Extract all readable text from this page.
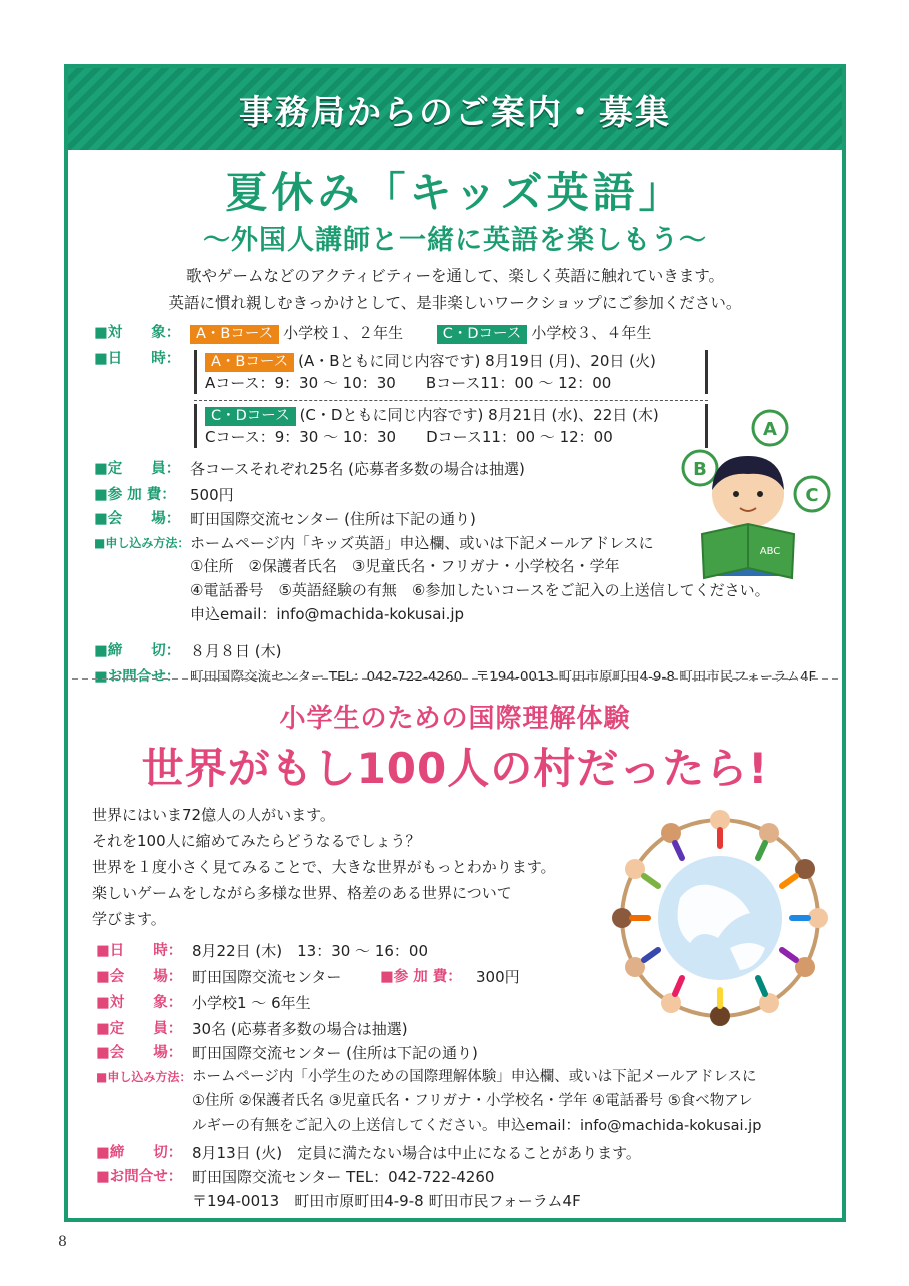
事務局からのご案内・募集
夏休み「キッズ英語」
～外国人講師と一緒に英語を楽しもう～
歌やゲームなどのアクティビティーを通して、楽しく英語に触れていきます。
英語に慣れ親しむきっかけとして、是非楽しいワークショップにご参加ください。
■対　　象：	A・Bコース 小学校１、２年生	C・Dコース 小学校３、４年生
■日　　時：	A・Bコース (A・Bともに同じ内容です) 8月19日 (月)、20日 (火)
Aコース：9：30 ～ 10：30　　Bコース11：00 ～ 12：00
C・Dコース (C・Dともに同じ内容です) 8月21日 (水)、22日 (木)
Cコース：9：30 ～ 10：30　　Dコース11：00 ～ 12：00
■定　　員： 各コースそれぞれ25名 (応募者多数の場合は抽選)
■参 加 費： 500円
■会　　場： 町田国際交流センター (住所は下記の通り)
■申し込み方法： ホームページ内「キッズ英語」申込欄、或いは下記メールアドレスに
①住所　②保護者氏名　③児童氏名・フリガナ・小学校名・学年
④電話番号　⑤英語経験の有無　⑥参加したいコースをご記入の上送信してください。
申込email：info@machida-kokusai.jp
■締　　切： ８月８日 (木)
■お問合せ： 町田国際交流センター TEL：042-722-4260　〒194-0013 町田市原町田4-9-8 町田市民フォーラム4F
A
B
C
ABC
小学生のための国際理解体験
世界がもし100人の村だったら!
世界にはいま72億人の人がいます。
それを100人に縮めてみたらどうなるでしょう？
世界を１度小さく見てみることで、大きな世界がもっとわかります。
楽しいゲームをしながら多様な世界、格差のある世界について
学びます。
■日　　時： 8月22日 (木)　13：30 ～ 16：00
■会　　場： 町田国際交流センター	■参 加 費： 300円
■対　　象： 小学校1 ～ 6年生
■定　　員： 30名 (応募者多数の場合は抽選)
■会　　場： 町田国際交流センター (住所は下記の通り)
■申し込み方法： ホームページ内「小学生のための国際理解体験」申込欄、或いは下記メールアドレスに
①住所 ②保護者氏名 ③児童氏名・フリガナ・小学校名・学年 ④電話番号 ⑤食べ物アレ
ルギーの有無をご記入の上送信してください。申込email：info@machida-kokusai.jp
■締　　切： 8月13日 (火)　定員に満たない場合は中止になることがあります。
■お問合せ： 町田国際交流センター TEL：042-722-4260
〒194-0013　町田市原町田4-9-8 町田市民フォーラム4F
8
